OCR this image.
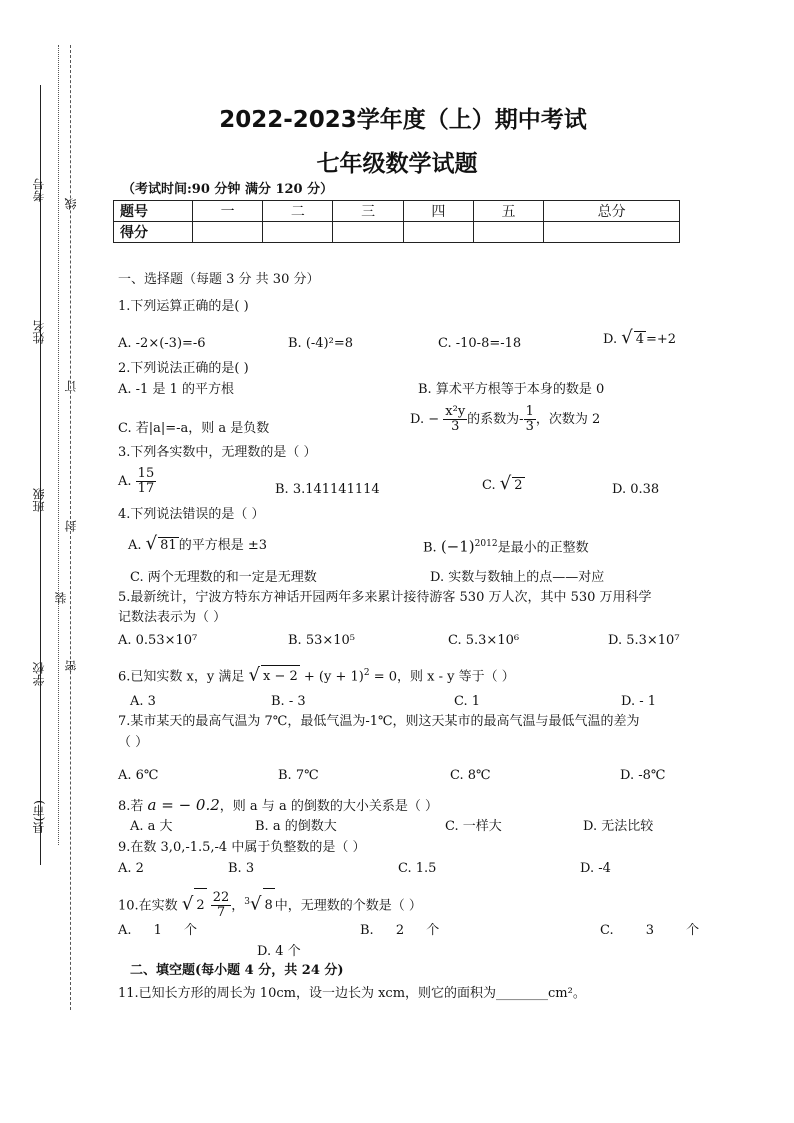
线
订
封
装
密
考号
姓名
班级
学校
县(市)
2022-2023学年度（上）期中考试
七年级数学试题
（考试时间:90 分钟 满分 120 分）
题号	一	二	三	四	五	总分
得分						
一、选择题（每题 3 分 共 30 分）
1.下列运算正确的是( )
A. -2×(-3)=-6	B. (-4)²=8	C. -10-8=-18	D. √ 4 =+2
2.下列说法正确的是( )
A. -1 是 1 的平方根	B. 算术平方根等于本身的数是 0
C. 若|a|=-a，则 a 是负数
D. − $\frac{\text{x²y}}{3}$ 的系数为- $\frac{1}{3}$ ，次数为 2
3.下列各实数中，无理数的是（ ）
A. $\frac{15}{17}$	B. 3.141141114	C. √ 2	D. 0.38
4.下列说法错误的是（ ）
A. √ 81 的平方根是 ±3	B. $(-1)^{2012}$是最小的正整数
C. 两个无理数的和一定是无理数	D. 实数与数轴上的点——对应
5.最新统计，宁波方特东方神话开园两年多来累计接待游客 530 万人次，其中 530 万用科学
记数法表示为（ ）
A. 0.53×10⁷	B. 53×10⁵	C. 5.3×10⁶	D. 5.3×10⁷
6.已知实数 x，y 满足 √ $x - 2 + (y + 1)^2 = 0$，则 x - y 等于（ ）
A. 3	B. - 3	C. 1	D. - 1
7.某市某天的最高气温为 7℃，最低气温为-1℃，则这天某市的最高气温与最低气温的差为
（ ）
A. 6℃	B. 7℃	C. 8℃	D. -8℃
8.若 a = − 0.2，则 a 与 a 的倒数的大小关系是（ ）
A. a 大	B. a 的倒数大	C. 一样大	D. 无法比较
9.在数 3,0,-1.5,-4 中属于负整数的是（ ）
A. 2	B. 3	C. 1.5	D. -4
10.在实数 √ $2 \frac{22}{7}$ ，$^3$√ 8 中，无理数的个数是（ ）
A. 1 个	B. 2 个	C. 3 个
D. 4 个
二、填空题(每小题 4 分，共 24 分)
11.已知长方形的周长为 10cm，设一边长为 xcm，则它的面积为________cm²。
